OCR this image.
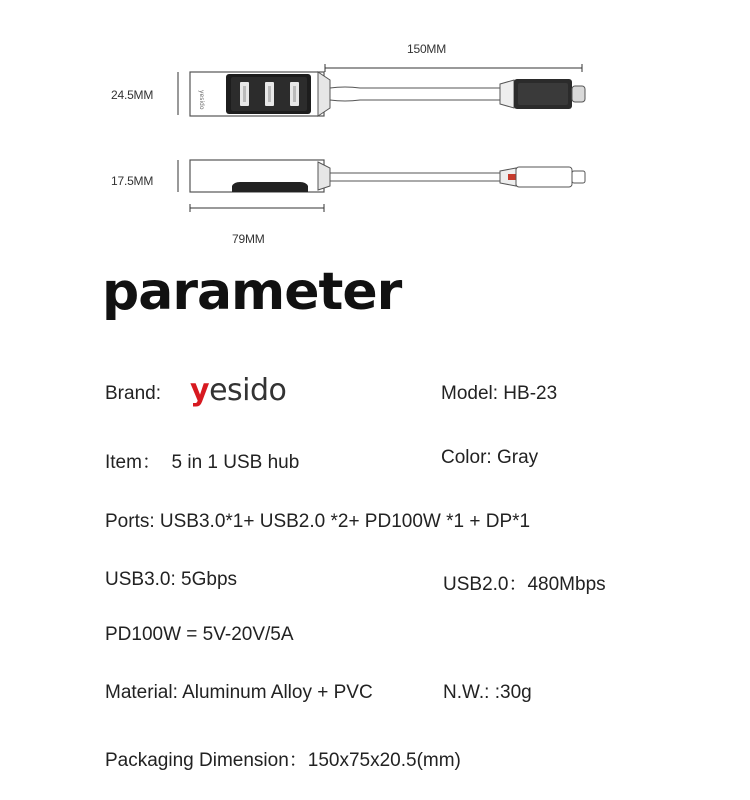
yesido
150MM
24.5MM
17.5MM
79MM
parameter
Brand: yesido	Model: HB-23
Item：  5 in 1 USB hub	Color: Gray
Ports: USB3.0*1+ USB2.0 *2+ PD100W *1 + DP*1
USB3.0: 5Gbps	USB2.0：480Mbps
PD100W = 5V-20V/5A
Material: Aluminum Alloy + PVC	N.W.: :30g
Packaging Dimension：150x75x20.5(mm)
